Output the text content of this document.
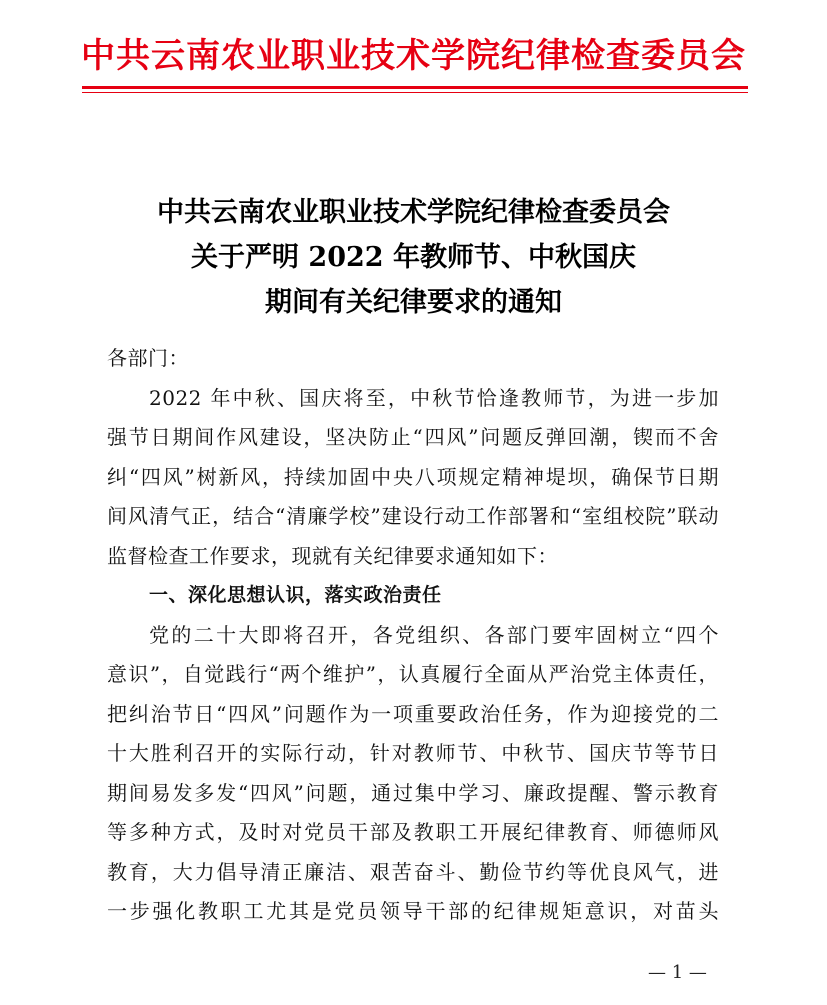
中共云南农业职业技术学院纪律检查委员会
中共云南农业职业技术学院纪律检查委员会
关于严明 2022 年教师节、中秋国庆
期间有关纪律要求的通知
各部门：
2022 年中秋、国庆将至，中秋节恰逢教师节，为进一步加
强节日期间作风建设，坚决防止“四风”问题反弹回潮，锲而不舍
纠“四风”树新风，持续加固中央八项规定精神堤坝，确保节日期
间风清气正，结合“清廉学校”建设行动工作部署和“室组校院”联动
监督检查工作要求，现就有关纪律要求通知如下：
一、深化思想认识，落实政治责任
党的二十大即将召开，各党组织、各部门要牢固树立“四个
意识”，自觉践行“两个维护”，认真履行全面从严治党主体责任，
把纠治节日“四风”问题作为一项重要政治任务，作为迎接党的二
十大胜利召开的实际行动，针对教师节、中秋节、国庆节等节日
期间易发多发“四风”问题，通过集中学习、廉政提醒、警示教育
等多种方式，及时对党员干部及教职工开展纪律教育、师德师风
教育，大力倡导清正廉洁、艰苦奋斗、勤俭节约等优良风气，进
一步强化教职工尤其是党员领导干部的纪律规矩意识，对苗头
— 1 —
